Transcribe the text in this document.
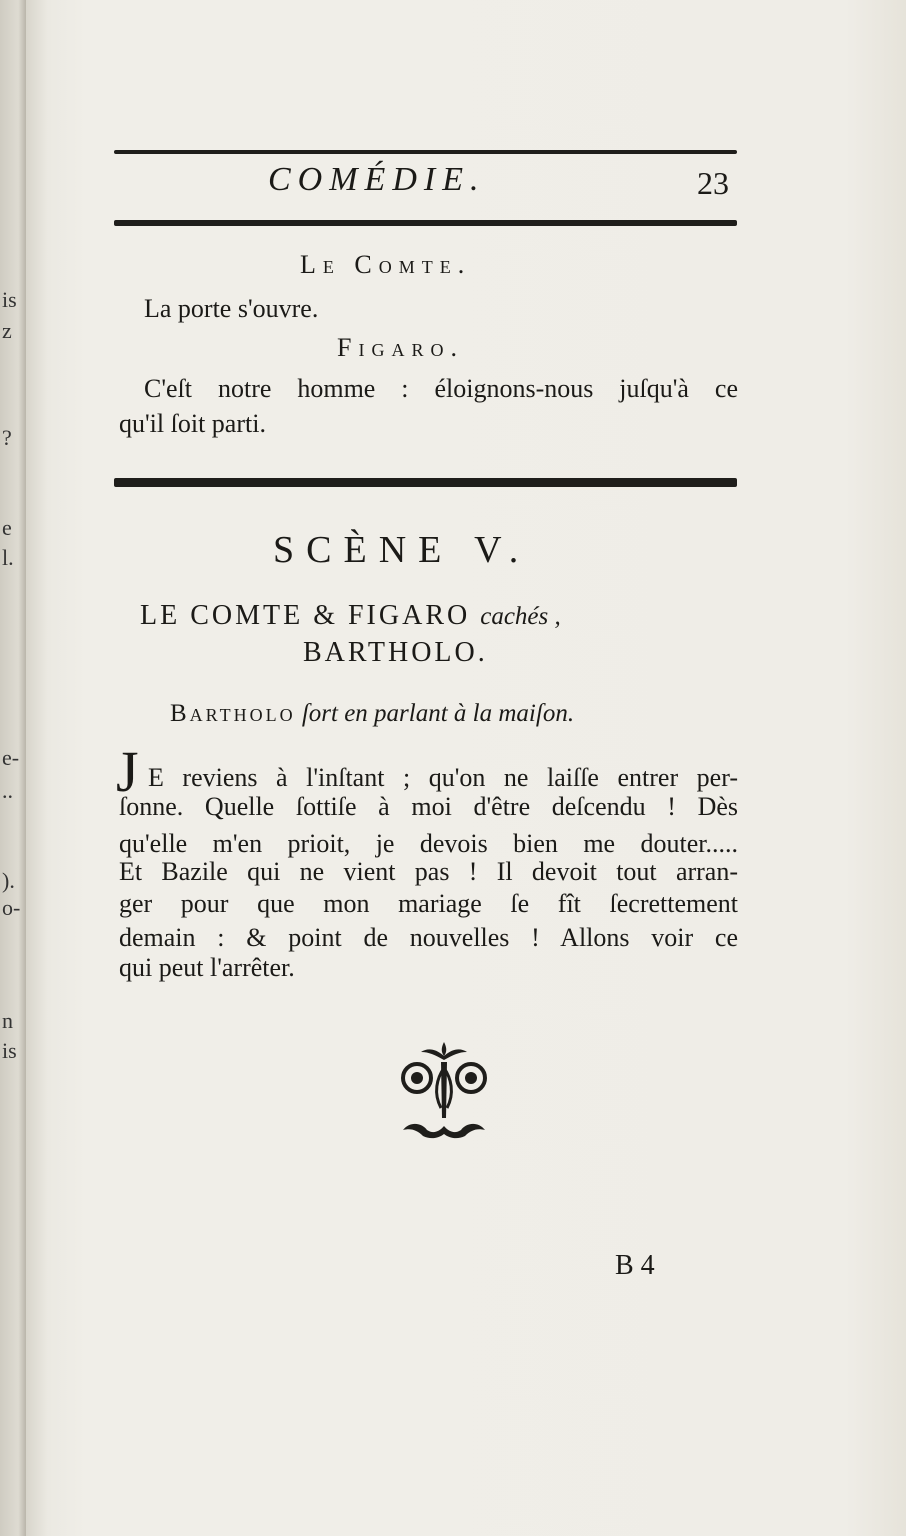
is
z
?
e
l.
e-
..
).
o-
n
is
COMÉDIE.	23
Le Comte.
La porte s'ouvre.
Figaro.
C'eſt notre homme : éloignons-nous juſqu'à ce
qu'il ſoit parti.
SCÈNE V.
LE COMTE & FIGARO cachés ,
BARTHOLO.
Bartholo ſort en parlant à la maiſon.
J E reviens à l'inſtant ; qu'on ne laiſſe entrer per-
ſonne. Quelle ſottiſe à moi d'être deſcendu ! Dès
qu'elle m'en prioit, je devois bien me douter.....
Et Bazile qui ne vient pas ! Il devoit tout arran-
ger pour que mon mariage ſe fît ſecrettement
demain : & point de nouvelles ! Allons voir ce
qui peut l'arrêter.
B 4
